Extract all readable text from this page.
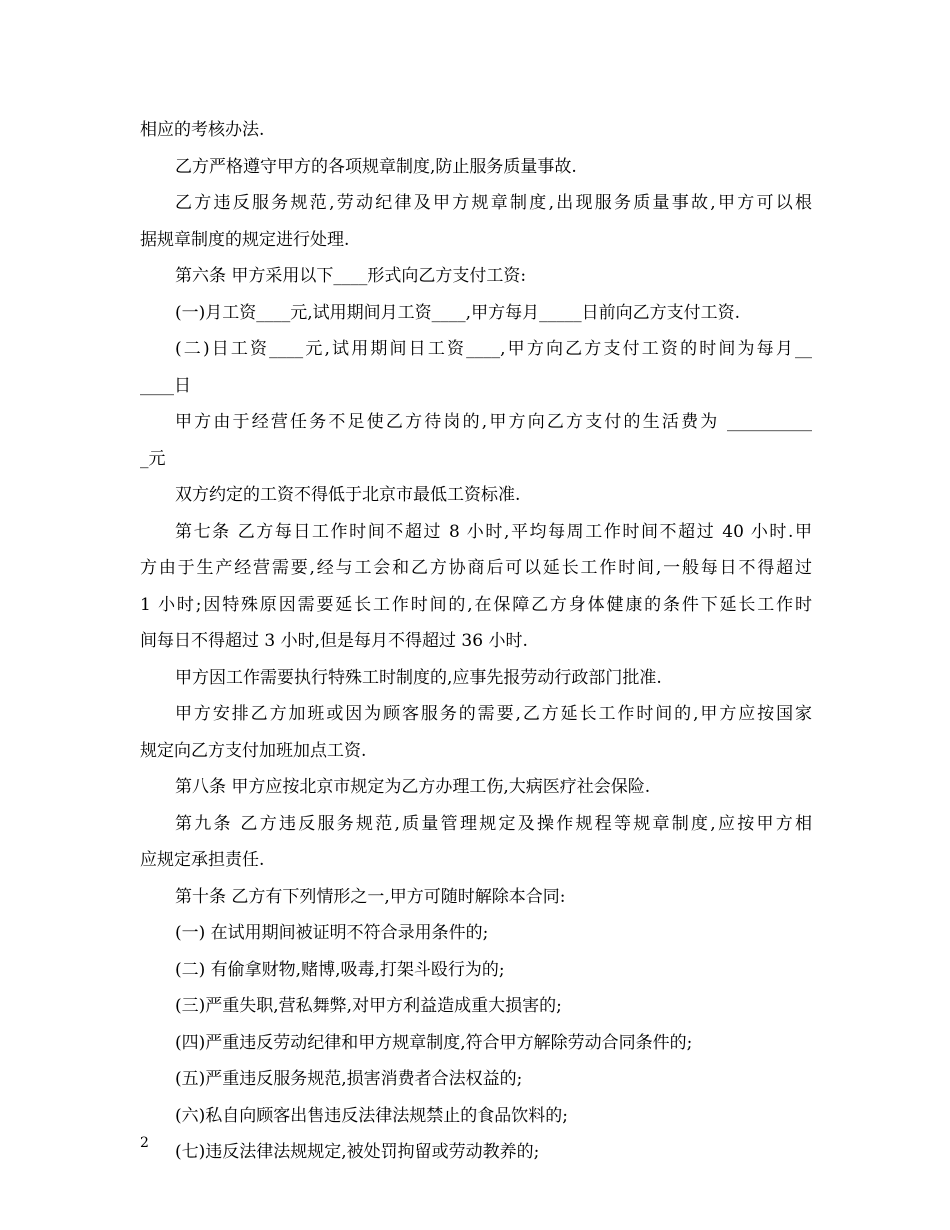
相应的考核办法.

乙方严格遵守甲方的各项规章制度,防止服务质量事故.

乙方违反服务规范,劳动纪律及甲方规章制度,出现服务质量事故,甲方可以根

据规章制度的规定进行处理.

第六条 甲方采用以下____形式向乙方支付工资:

(一)月工资____元,试用期间月工资____,甲方每月_____日前向乙方支付工资.

(二)日工资____元,试用期间日工资____,甲方向乙方支付工资的时间为每月__

____日

甲方由于经营任务不足使乙方待岗的,甲方向乙方支付的生活费为 __________

_元

双方约定的工资不得低于北京市最低工资标准.

第七条 乙方每日工作时间不超过 8 小时,平均每周工作时间不超过 40 小时.甲

方由于生产经营需要,经与工会和乙方协商后可以延长工作时间,一般每日不得超过

1 小时;因特殊原因需要延长工作时间的,在保障乙方身体健康的条件下延长工作时

间每日不得超过 3 小时,但是每月不得超过 36 小时.

甲方因工作需要执行特殊工时制度的,应事先报劳动行政部门批准.

甲方安排乙方加班或因为顾客服务的需要,乙方延长工作时间的,甲方应按国家

规定向乙方支付加班加点工资.

第八条 甲方应按北京市规定为乙方办理工伤,大病医疗社会保险.

第九条 乙方违反服务规范,质量管理规定及操作规程等规章制度,应按甲方相

应规定承担责任.

第十条 乙方有下列情形之一,甲方可随时解除本合同:

(一) 在试用期间被证明不符合录用条件的;

(二) 有偷拿财物,赌博,吸毒,打架斗殴行为的;

(三)严重失职,营私舞弊,对甲方利益造成重大损害的;

(四)严重违反劳动纪律和甲方规章制度,符合甲方解除劳动合同条件的;

(五)严重违反服务规范,损害消费者合法权益的;

(六)私自向顾客出售违反法律法规禁止的食品饮料的;

(七)违反法律法规规定,被处罚拘留或劳动教养的;

2
